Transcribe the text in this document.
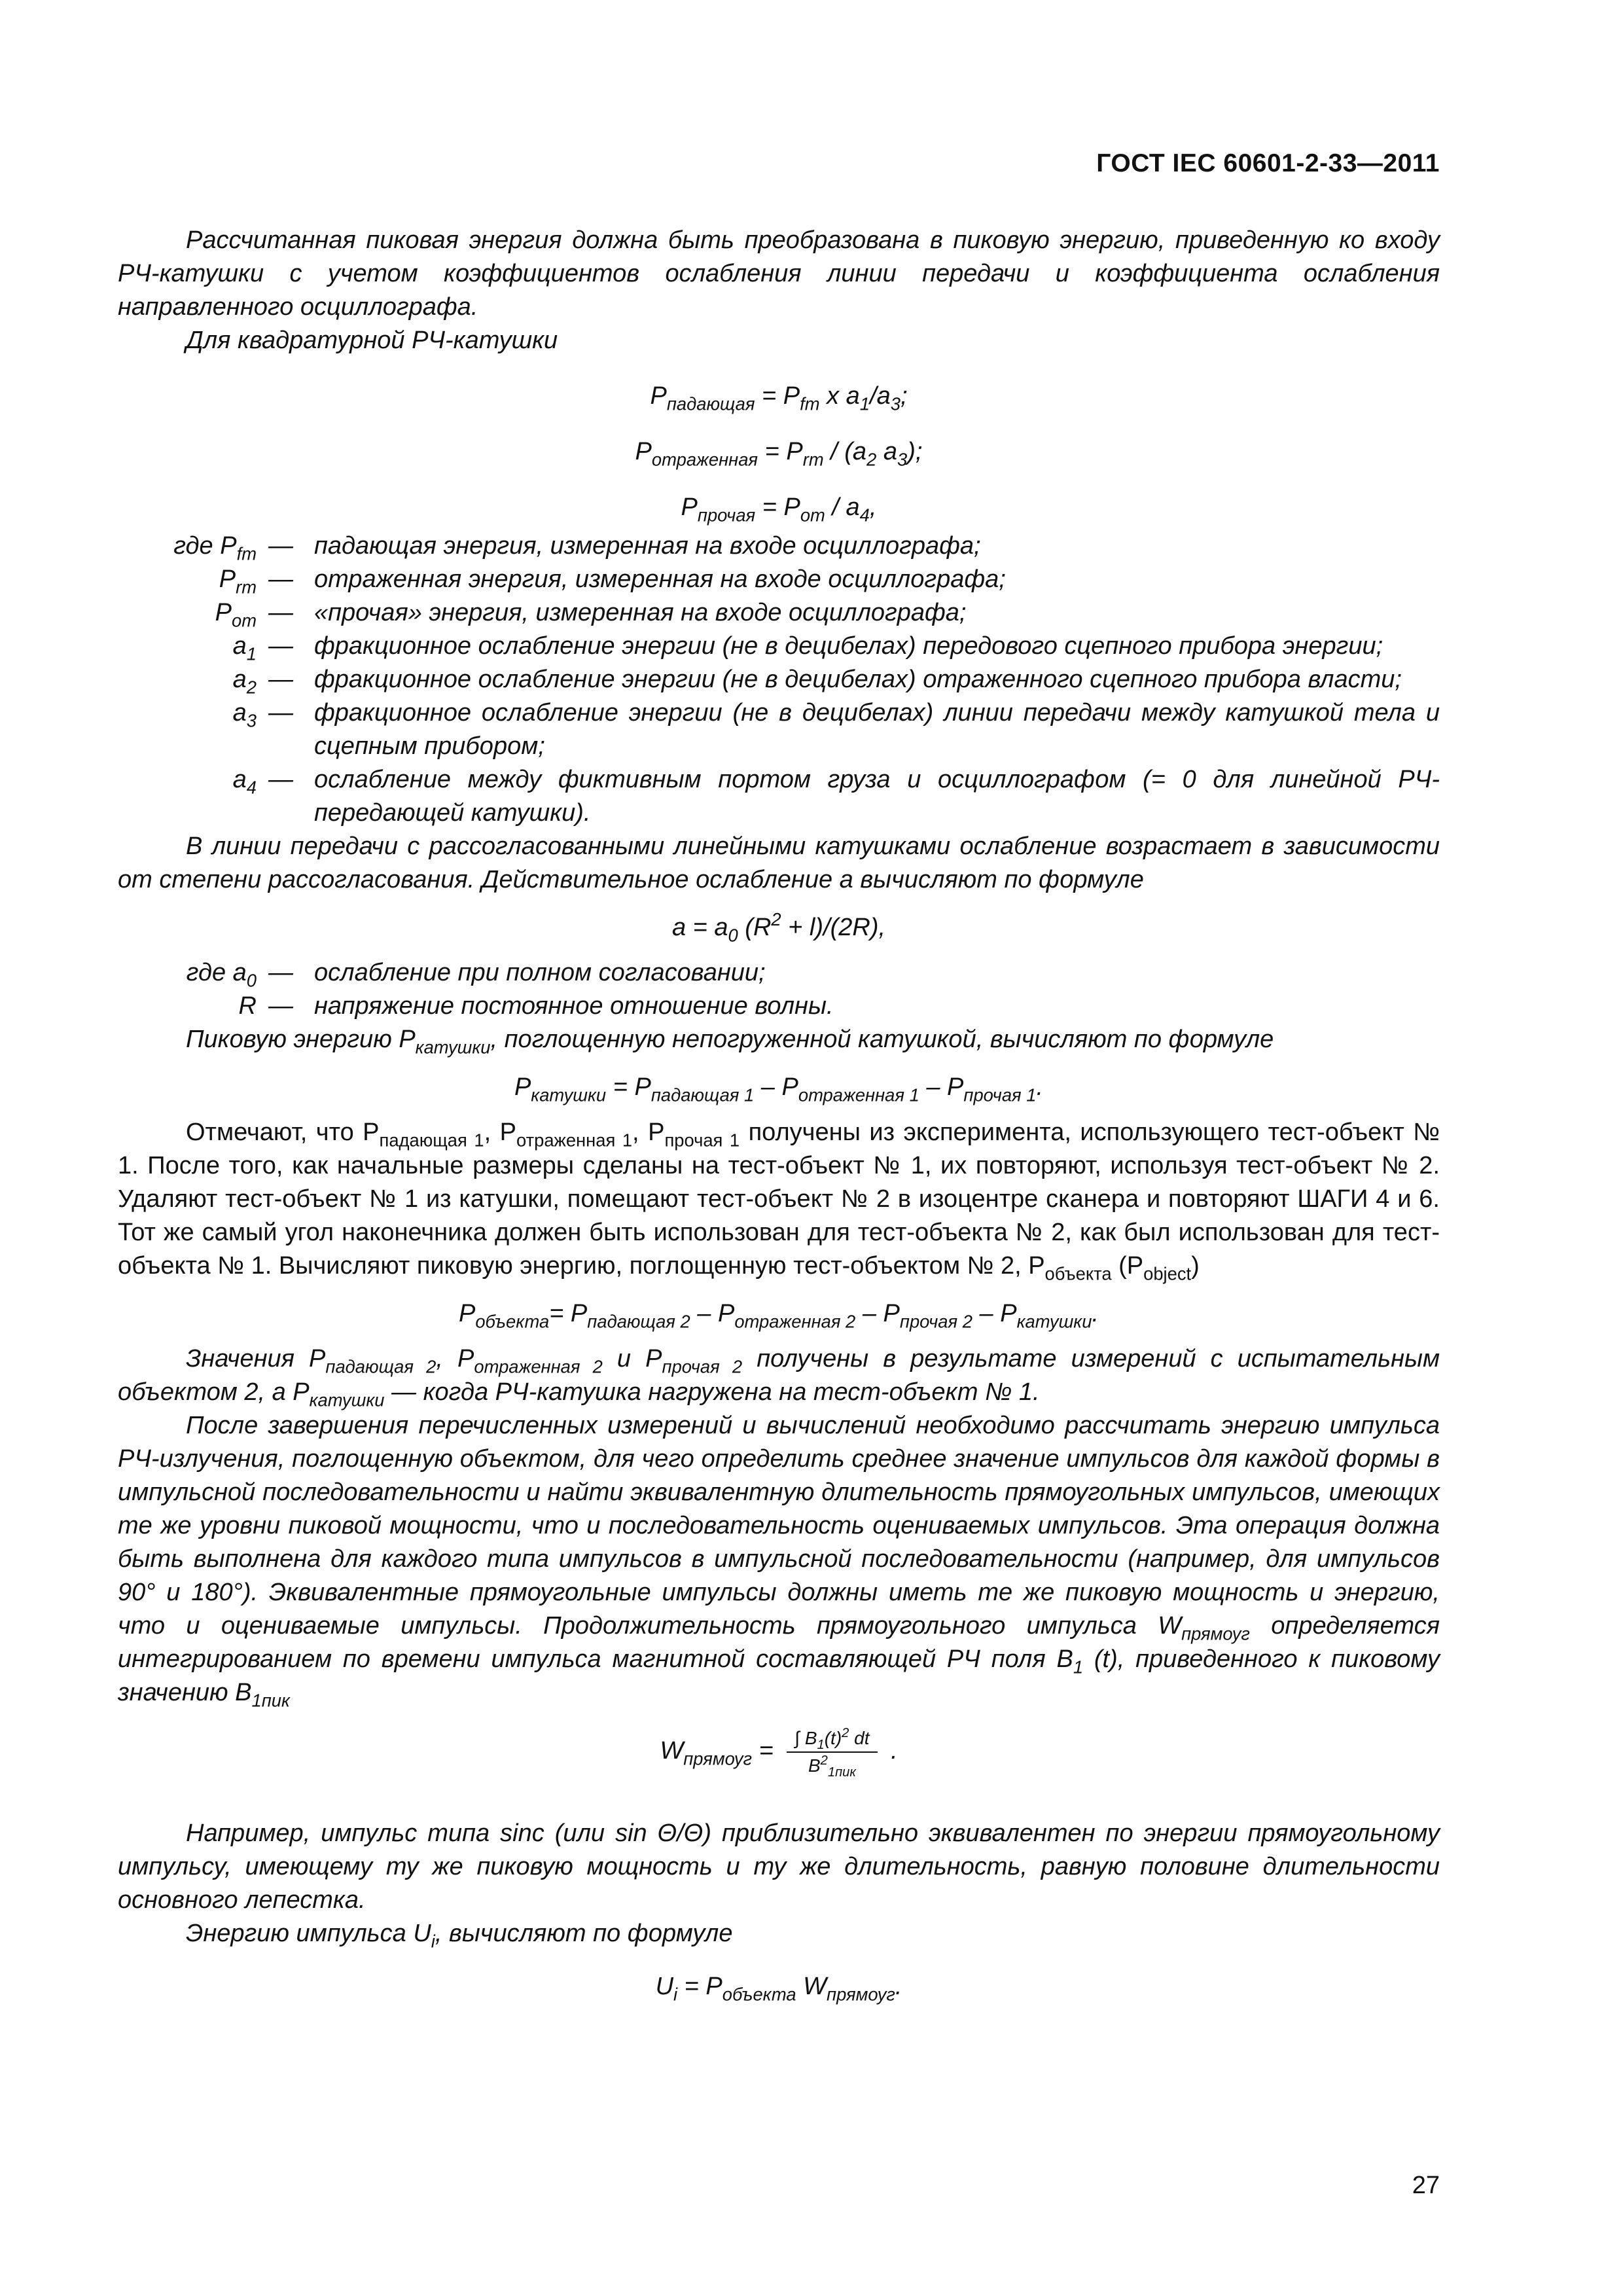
ГОСТ IEC 60601-2-33—2011

Рассчитанная пиковая энергия должна быть преобразована в пиковую энергию, приведенную ко входу РЧ-катушки с учетом коэффициентов ослабления линии передачи и коэффициента ослабления направленного осциллографа.

Для квадратурной РЧ-катушки

$P_{падающая} = P_{fm}$ x $a_1/a_3$;
$P_{отраженная} = P_{rm} / (a_2$ $a_3$);
$P_{прочая} = P_{om} / a_4$,
где $P_{fm}$ — падающая энергия, измеренная на входе осциллографа;
$P_{rm}$ — отраженная энергия, измеренная на входе осциллографа;
$P_{om}$ — «прочая» энергия, измеренная на входе осциллографа;
$a_1$ — фракционное ослабление энергии (не в децибелах) передового сцепного прибора энергии;
$a_2$ — фракционное ослабление энергии (не в децибелах) отраженного сцепного прибора власти;
$a_3$ — фракционное ослабление энергии (не в децибелах) линии передачи между катушкой тела и сцепным прибором;
$a_4$ — ослабление между фиктивным портом груза и осциллографом (= 0 для линейной РЧ-передающей катушки).

В линии передачи с рассогласованными линейными катушками ослабление возрастает в зависимости от степени рассогласования. Действительное ослабление a вычисляют по формуле

$a = a_0$ $(R^2 + l)/(2R)$,
где $a_0$ — ослабление при полном согласовании;
R — напряжение постоянное отношение волны.

Пиковую энергию $P_{катушки}$, поглощенную непогруженной катушкой, вычисляют по формуле

$P_{катушки} = P_{падающая 1} - P_{отраженная 1} - P_{прочая 1}$.

Отмечают, что $P_{падающая 1}$, $P_{отраженная 1}$, $P_{прочая 1}$ получены из эксперимента, использующего тест-объект № 1. После того, как начальные размеры сделаны на тест-объект № 1, их повторяют, используя тест-объект № 2. Удаляют тест-объект № 1 из катушки, помещают тест-объект № 2 в изоцентре сканера и повторяют ШАГИ 4 и 6. Тот же самый угол наконечника должен быть использован для тест-объекта № 2, как был использован для тест-объекта № 1. Вычисляют пиковую энергию, поглощенную тест-объектом № 2, $P_{объекта}$ $(P_{object})$

$P_{объекта}= P_{падающая 2} - P_{отраженная 2} - P_{прочая 2} - P_{катушки}$.

Значения $P_{падающая 2}$, $P_{отраженная 2}$ и $P_{прочая 2}$ получены в результате измерений с испытательным объектом 2, а $P_{катушки}$ — когда РЧ-катушка нагружена на тест-объект № 1.

После завершения перечисленных измерений и вычислений необходимо рассчитать энергию импульса РЧ-излучения, поглощенную объектом, для чего определить среднее значение импульсов для каждой формы в импульсной последовательности и найти эквивалентную длительность прямоугольных импульсов, имеющих те же уровни пиковой мощности, что и последовательность оцениваемых импульсов. Эта операция должна быть выполнена для каждого типа импульсов в импульсной последовательности (например, для импульсов 90° и 180°). Эквивалентные прямоугольные импульсы должны иметь те же пиковую мощность и энергию, что и оцениваемые импульсы. Продолжительность прямоугольного импульса $W_{прямоуг}$ определяется интегрированием по времени импульса магнитной составляющей РЧ поля $B_1$ (t), приведенного к пиковому значению $B_{1пик}$

$W_{прямоуг} = \frac{\int B_1(t)^2 dt}{B^2_{1пик}}$ .

Например, импульс типа sinc (или sin Θ/Θ) приблизительно эквивалентен по энергии прямоугольному импульсу, имеющему ту же пиковую мощность и ту же длительность, равную половине длительности основного лепестка.

Энергию импульса $U_i$, вычисляют по формуле

$U_i = P_{объекта}$ $W_{прямоуг}$.
27
